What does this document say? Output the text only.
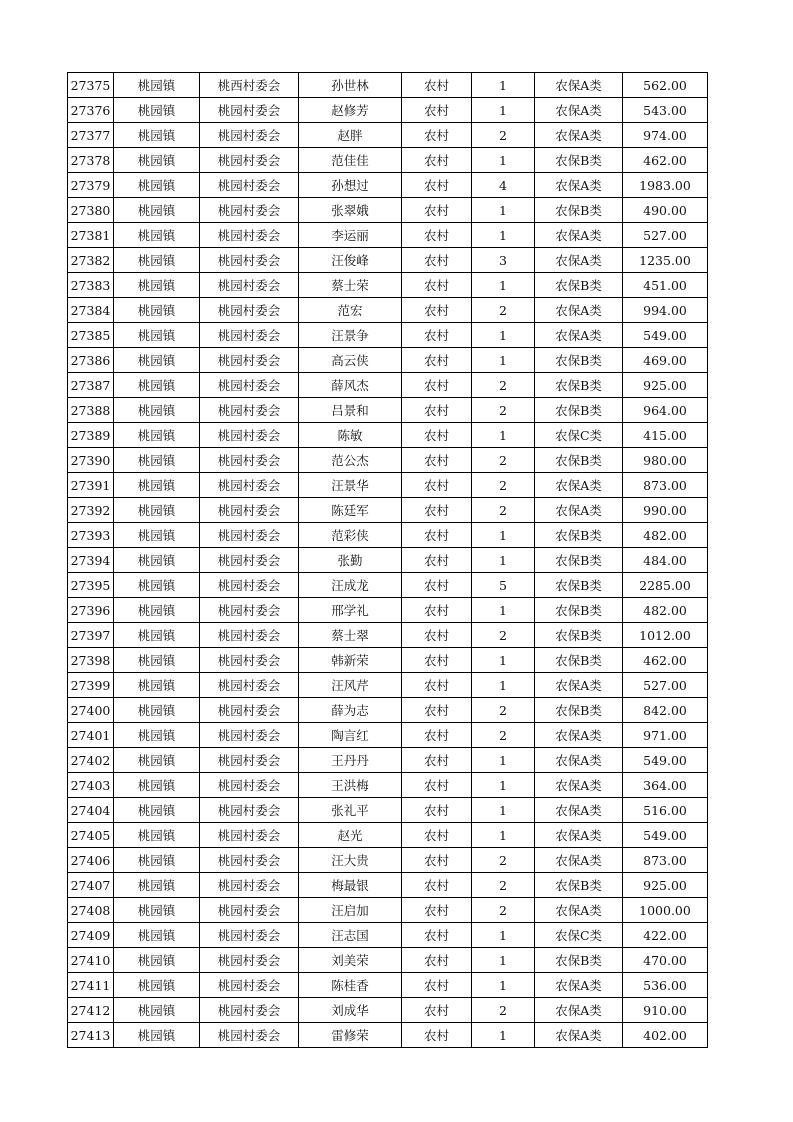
27375	桃园镇	桃西村委会	孙世林	农村	1	农保A类	562.00
27376	桃园镇	桃园村委会	赵修芳	农村	1	农保A类	543.00
27377	桃园镇	桃园村委会	赵胖	农村	2	农保A类	974.00
27378	桃园镇	桃园村委会	范佳佳	农村	1	农保B类	462.00
27379	桃园镇	桃园村委会	孙想过	农村	4	农保A类	1983.00
27380	桃园镇	桃园村委会	张翠娥	农村	1	农保B类	490.00
27381	桃园镇	桃园村委会	李运丽	农村	1	农保A类	527.00
27382	桃园镇	桃园村委会	汪俊峰	农村	3	农保A类	1235.00
27383	桃园镇	桃园村委会	蔡士荣	农村	1	农保B类	451.00
27384	桃园镇	桃园村委会	范宏	农村	2	农保A类	994.00
27385	桃园镇	桃园村委会	汪景争	农村	1	农保A类	549.00
27386	桃园镇	桃园村委会	高云侠	农村	1	农保B类	469.00
27387	桃园镇	桃园村委会	薛风杰	农村	2	农保B类	925.00
27388	桃园镇	桃园村委会	吕景和	农村	2	农保B类	964.00
27389	桃园镇	桃园村委会	陈敏	农村	1	农保C类	415.00
27390	桃园镇	桃园村委会	范公杰	农村	2	农保B类	980.00
27391	桃园镇	桃园村委会	汪景华	农村	2	农保A类	873.00
27392	桃园镇	桃园村委会	陈廷军	农村	2	农保A类	990.00
27393	桃园镇	桃园村委会	范彩侠	农村	1	农保B类	482.00
27394	桃园镇	桃园村委会	张勤	农村	1	农保B类	484.00
27395	桃园镇	桃园村委会	汪成龙	农村	5	农保B类	2285.00
27396	桃园镇	桃园村委会	邢学礼	农村	1	农保B类	482.00
27397	桃园镇	桃园村委会	蔡士翠	农村	2	农保B类	1012.00
27398	桃园镇	桃园村委会	韩新荣	农村	1	农保B类	462.00
27399	桃园镇	桃园村委会	汪风芹	农村	1	农保A类	527.00
27400	桃园镇	桃园村委会	薛为志	农村	2	农保B类	842.00
27401	桃园镇	桃园村委会	陶言红	农村	2	农保A类	971.00
27402	桃园镇	桃园村委会	王丹丹	农村	1	农保A类	549.00
27403	桃园镇	桃园村委会	王洪梅	农村	1	农保A类	364.00
27404	桃园镇	桃园村委会	张礼平	农村	1	农保A类	516.00
27405	桃园镇	桃园村委会	赵光	农村	1	农保A类	549.00
27406	桃园镇	桃园村委会	汪大贵	农村	2	农保A类	873.00
27407	桃园镇	桃园村委会	梅最银	农村	2	农保B类	925.00
27408	桃园镇	桃园村委会	汪启加	农村	2	农保A类	1000.00
27409	桃园镇	桃园村委会	汪志国	农村	1	农保C类	422.00
27410	桃园镇	桃园村委会	刘美荣	农村	1	农保B类	470.00
27411	桃园镇	桃园村委会	陈桂香	农村	1	农保A类	536.00
27412	桃园镇	桃园村委会	刘成华	农村	2	农保A类	910.00
27413	桃园镇	桃园村委会	雷修荣	农村	1	农保A类	402.00
